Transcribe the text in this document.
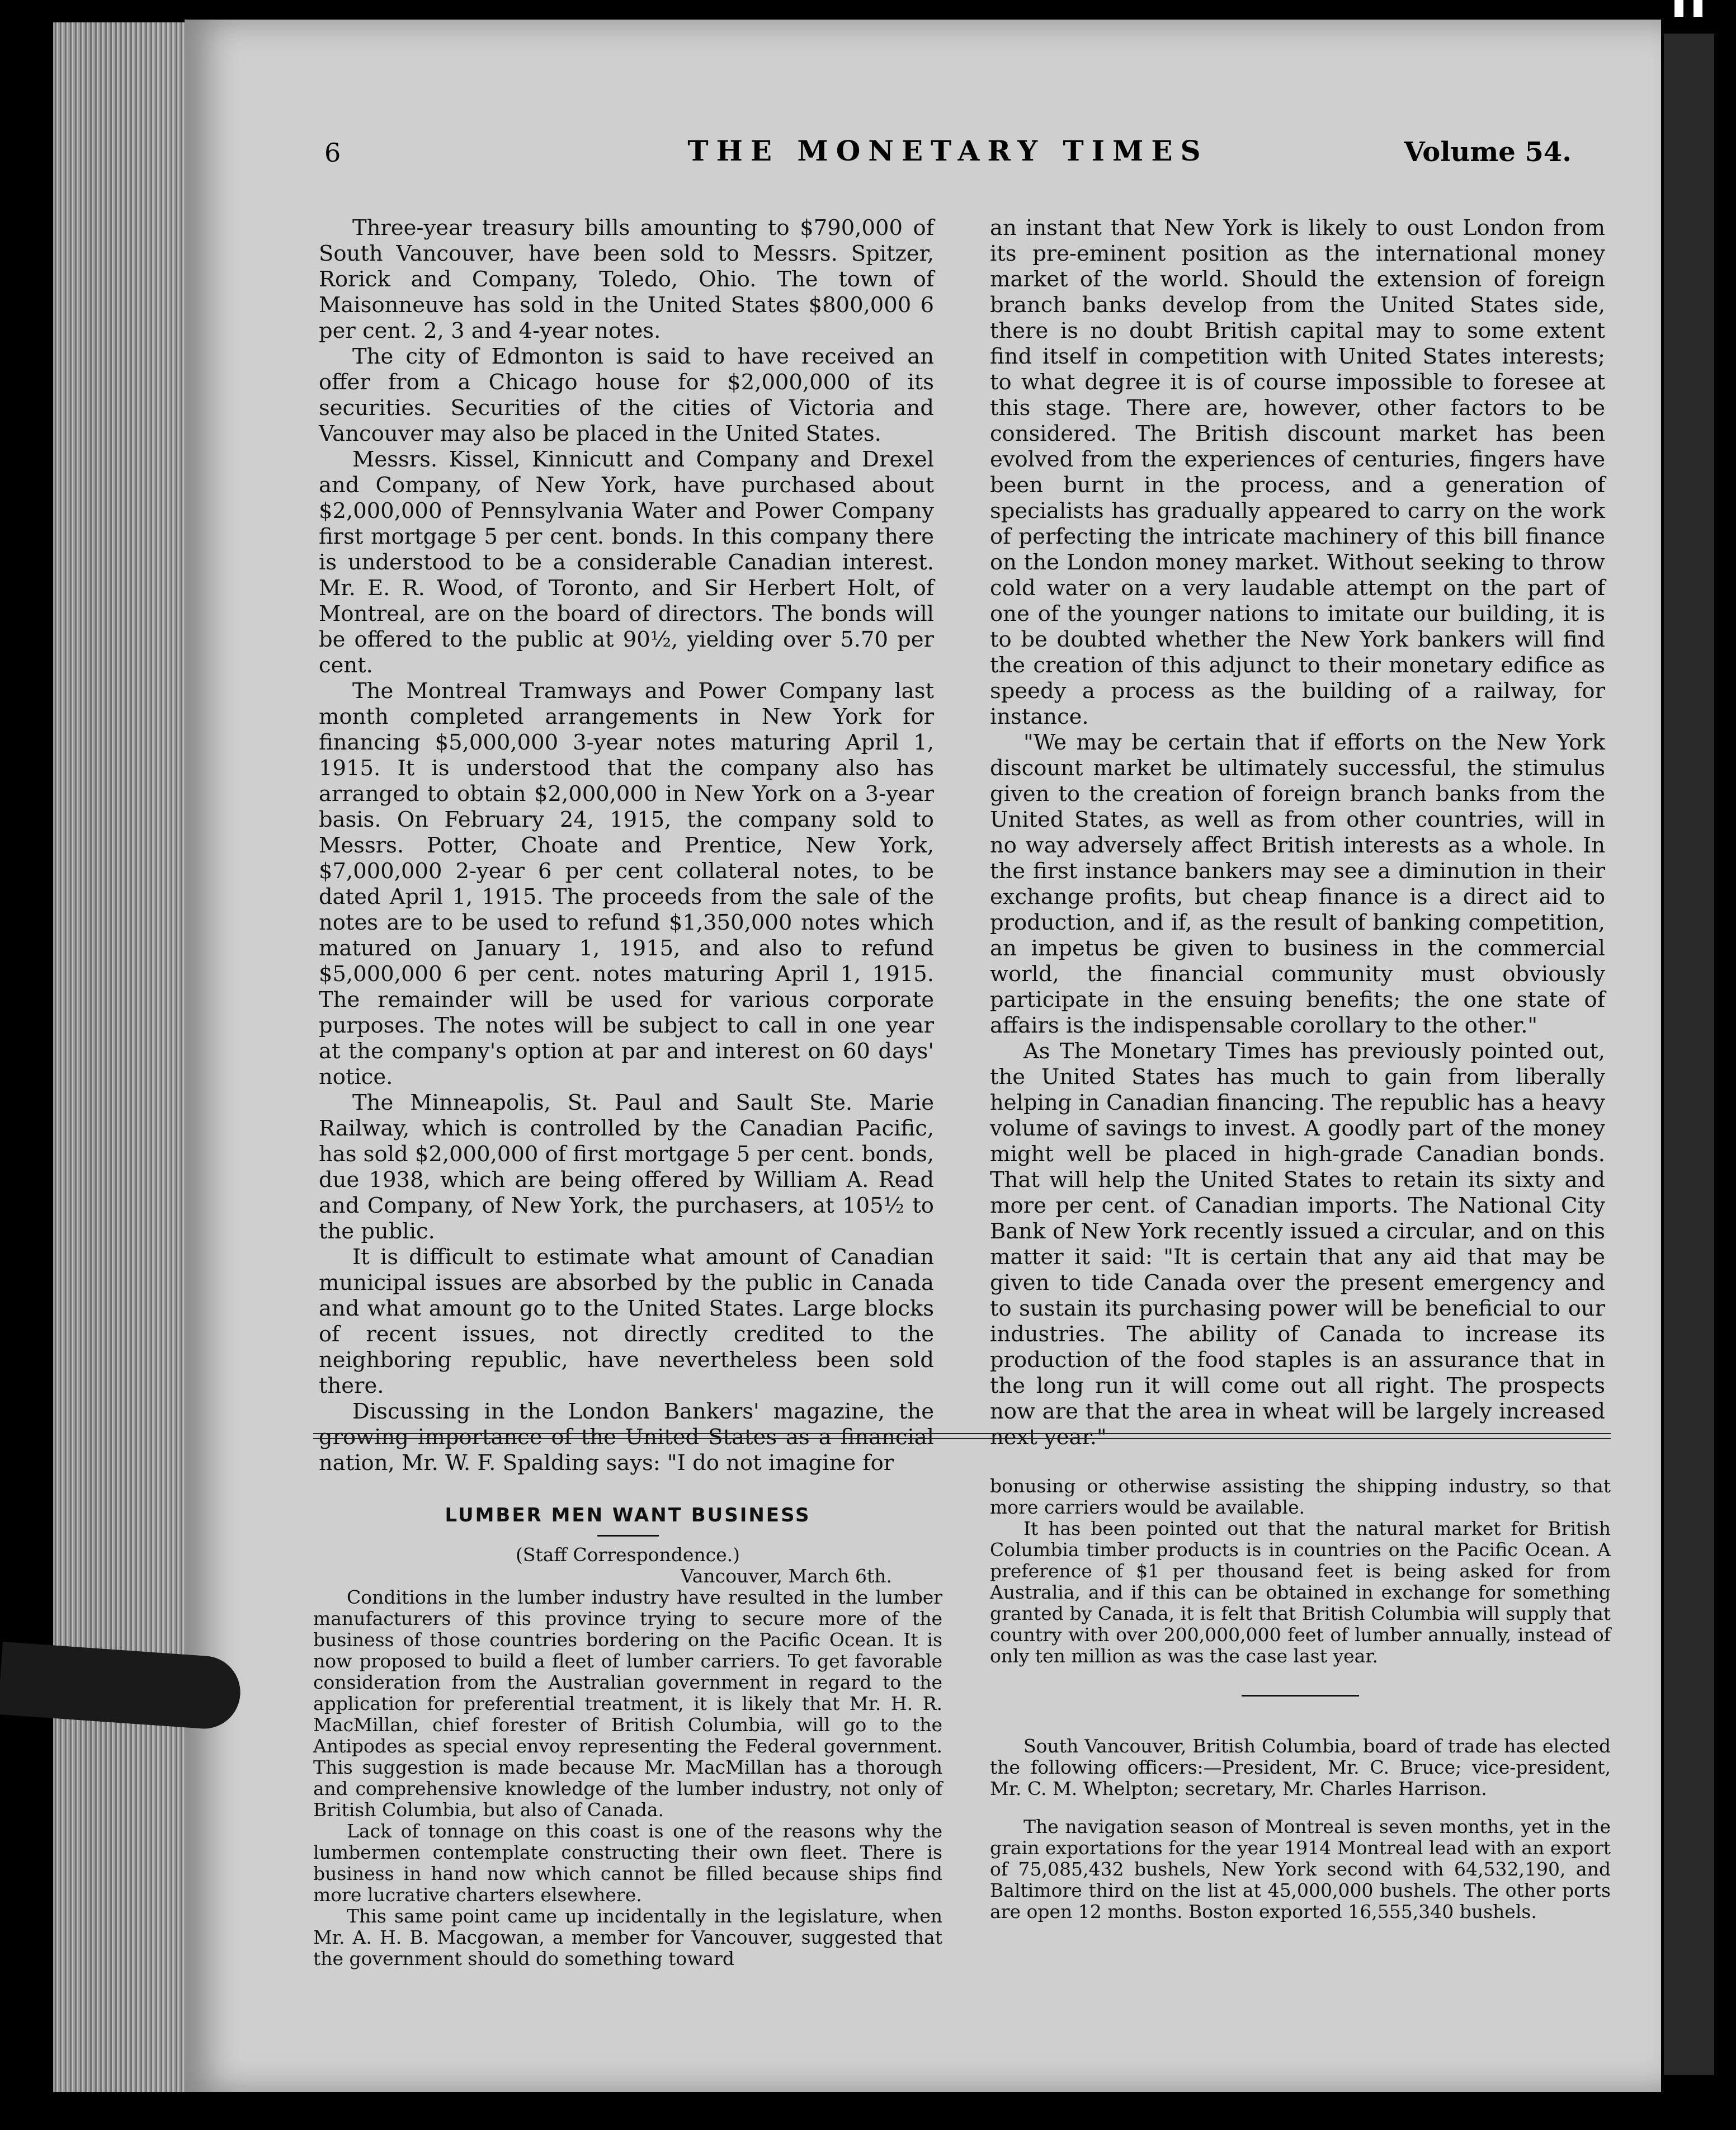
6	THE MONETARY TIMES	Volume 54.

Three-year treasury bills amounting to $790,000 of South Vancouver, have been sold to Messrs. Spitzer, Rorick and Company, Toledo, Ohio. The town of Maisonneuve has sold in the United States $800,000 6 per cent. 2, 3 and 4-year notes.

The city of Edmonton is said to have received an offer from a Chicago house for $2,000,000 of its securities. Securities of the cities of Victoria and Vancouver may also be placed in the United States.

Messrs. Kissel, Kinnicutt and Company and Drexel and Company, of New York, have purchased about $2,000,000 of Pennsylvania Water and Power Company first mortgage 5 per cent. bonds. In this company there is understood to be a considerable Canadian interest. Mr. E. R. Wood, of Toronto, and Sir Herbert Holt, of Montreal, are on the board of directors. The bonds will be offered to the public at 90½, yielding over 5.70 per cent.

The Montreal Tramways and Power Company last month completed arrangements in New York for financing $5,000,000 3-year notes maturing April 1, 1915. It is understood that the company also has arranged to obtain $2,000,000 in New York on a 3-year basis. On February 24, 1915, the company sold to Messrs. Potter, Choate and Prentice, New York, $7,000,000 2-year 6 per cent collateral notes, to be dated April 1, 1915. The proceeds from the sale of the notes are to be used to refund $1,350,000 notes which matured on January 1, 1915, and also to refund $5,000,000 6 per cent. notes maturing April 1, 1915. The remainder will be used for various corporate purposes. The notes will be subject to call in one year at the company's option at par and interest on 60 days' notice.

The Minneapolis, St. Paul and Sault Ste. Marie Railway, which is controlled by the Canadian Pacific, has sold $2,000,000 of first mortgage 5 per cent. bonds, due 1938, which are being offered by William A. Read and Company, of New York, the purchasers, at 105½ to the public.

It is difficult to estimate what amount of Canadian municipal issues are absorbed by the public in Canada and what amount go to the United States. Large blocks of recent issues, not directly credited to the neighboring republic, have nevertheless been sold there.

Discussing in the London Bankers' magazine, the growing importance of the United States as a financial nation, Mr. W. F. Spalding says: "I do not imagine for

an instant that New York is likely to oust London from its pre-eminent position as the international money market of the world. Should the extension of foreign branch banks develop from the United States side, there is no doubt British capital may to some extent find itself in competition with United States interests; to what degree it is of course impossible to foresee at this stage. There are, however, other factors to be considered. The British discount market has been evolved from the experiences of centuries, fingers have been burnt in the process, and a generation of specialists has gradually appeared to carry on the work of perfecting the intricate machinery of this bill finance on the London money market. Without seeking to throw cold water on a very laudable attempt on the part of one of the younger nations to imitate our building, it is to be doubted whether the New York bankers will find the creation of this adjunct to their monetary edifice as speedy a process as the building of a railway, for instance.

"We may be certain that if efforts on the New York discount market be ultimately successful, the stimulus given to the creation of foreign branch banks from the United States, as well as from other countries, will in no way adversely affect British interests as a whole. In the first instance bankers may see a diminution in their exchange profits, but cheap finance is a direct aid to production, and if, as the result of banking competition, an impetus be given to business in the commercial world, the financial community must obviously participate in the ensuing benefits; the one state of affairs is the indispensable corollary to the other."

As The Monetary Times has previously pointed out, the United States has much to gain from liberally helping in Canadian financing. The republic has a heavy volume of savings to invest. A goodly part of the money might well be placed in high-grade Canadian bonds. That will help the United States to retain its sixty and more per cent. of Canadian imports. The National City Bank of New York recently issued a circular, and on this matter it said: "It is certain that any aid that may be given to tide Canada over the present emergency and to sustain its purchasing power will be beneficial to our industries. The ability of Canada to increase its production of the food staples is an assurance that in the long run it will come out all right. The prospects now are that the area in wheat will be largely increased next year."

LUMBER MEN WANT BUSINESS
(Staff Correspondence.)
Vancouver, March 6th.

Conditions in the lumber industry have resulted in the lumber manufacturers of this province trying to secure more of the business of those countries bordering on the Pacific Ocean. It is now proposed to build a fleet of lumber carriers. To get favorable consideration from the Australian government in regard to the application for preferential treatment, it is likely that Mr. H. R. MacMillan, chief forester of British Columbia, will go to the Antipodes as special envoy representing the Federal government. This suggestion is made because Mr. MacMillan has a thorough and comprehensive knowledge of the lumber industry, not only of British Columbia, but also of Canada.

Lack of tonnage on this coast is one of the reasons why the lumbermen contemplate constructing their own fleet. There is business in hand now which cannot be filled because ships find more lucrative charters elsewhere.

This same point came up incidentally in the legislature, when Mr. A. H. B. Macgowan, a member for Vancouver, suggested that the government should do something toward

bonusing or otherwise assisting the shipping industry, so that more carriers would be available.

It has been pointed out that the natural market for British Columbia timber products is in countries on the Pacific Ocean. A preference of $1 per thousand feet is being asked for from Australia, and if this can be obtained in exchange for something granted by Canada, it is felt that British Columbia will supply that country with over 200,000,000 feet of lumber annually, instead of only ten million as was the case last year.

South Vancouver, British Columbia, board of trade has elected the following officers:—President, Mr. C. Bruce; vice-president, Mr. C. M. Whelpton; secretary, Mr. Charles Harrison.

The navigation season of Montreal is seven months, yet in the grain exportations for the year 1914 Montreal lead with an export of 75,085,432 bushels, New York second with 64,532,190, and Baltimore third on the list at 45,000,000 bushels. The other ports are open 12 months. Boston exported 16,555,340 bushels.
